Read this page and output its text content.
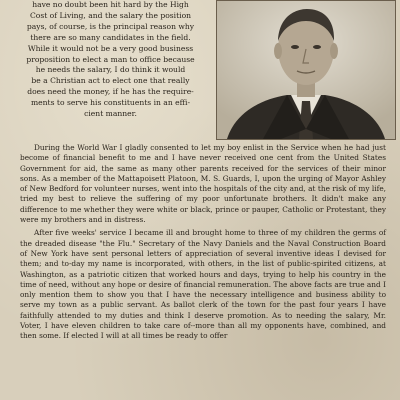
have no doubt been hit hard by the High

Cost of Living, and the salary the position

pays, of course, is the principal reason why

there are so many candidates in the field.

While it would not be a very good business

proposition to elect a man to office because

he needs the salary, I do think it would

be a Christian act to elect one that really

does need the money, if he has the require-

ments to serve his constituents in an effi-

cient manner.

During the World War I gladly consented to let my boy enlist in the Service when he had just become of financial benefit to me and I have never received one cent from the United States Government for aid, the same as many other parents received for the services of their minor sons. As a member of the Mattapoisett Platoon, M. S. Guards, I, upon the urging of Mayor Ashley of New Bedford for volunteer nurses, went into the hospitals of the city and, at the risk of my life, tried my best to relieve the suffering of my poor unfortunate brothers. It didn't make any difference to me whether they were white or black, prince or pauper, Catholic or Protestant, they were my brothers and in distress.

After five weeks' service I became ill and brought home to three of my children the germs of the dreaded disease "the Flu." Secretary of the Navy Daniels and the Naval Construction Board of New York have sent personal letters of appreciation of several inventive ideas I devised for them; and to-day my name is incorporated, with others, in the list of public-spirited citizens, at Washington, as a patriotic citizen that worked hours and days, trying to help his country in the time of need, without any hope or desire of financial remuneration. The above facts are true and I only mention them to show you that I have the necessary intelligence and business ability to serve my town as a public servant. As ballot clerk of the town for the past four years I have faithfully attended to my duties and think I deserve promotion. As to needing the salary, Mr. Voter, I have eleven children to take care of--more than all my opponents have, combined, and then some. If elected I will at all times be ready to offer
